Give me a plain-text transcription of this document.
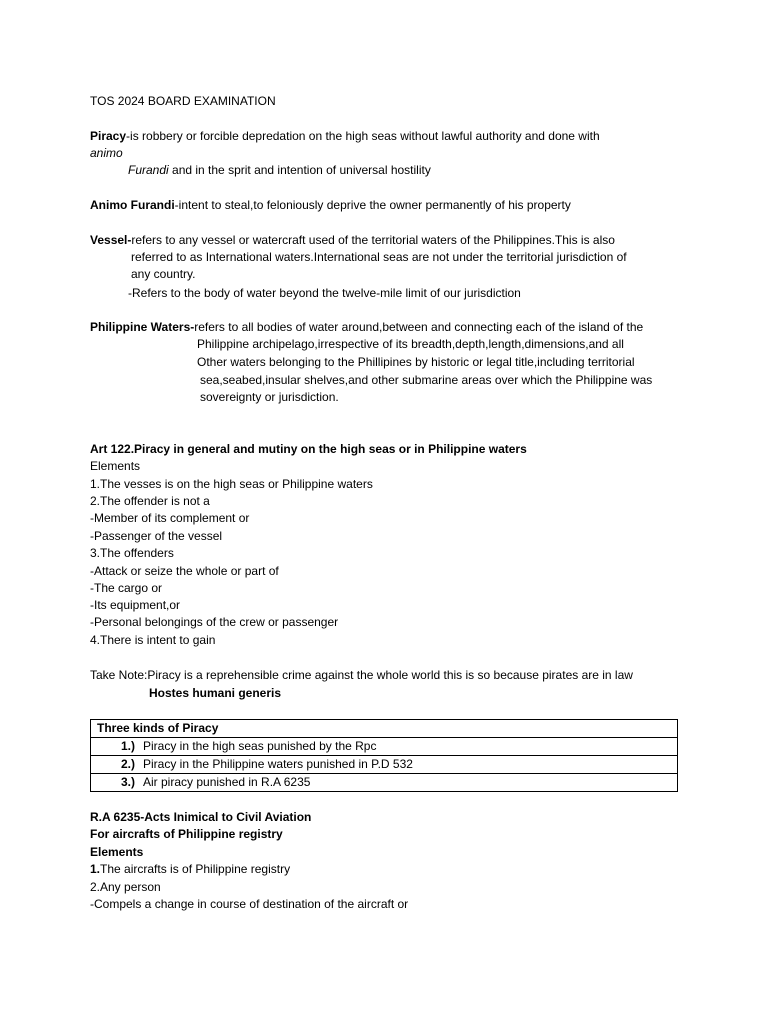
TOS 2024 BOARD EXAMINATION
Piracy-is robbery or forcible depredation on the high seas without lawful authority and done with
animo
Furandi and in the sprit and intention of universal hostility
Animo Furandi-intent to steal,to feloniously deprive the owner permanently of his property
Vessel-refers to any vessel or watercraft used of the territorial waters of the Philippines.This is also
referred to as International waters.International seas are not under the territorial jurisdiction of
any country.
-Refers to the body of water beyond the twelve-mile limit of our jurisdiction
Philippine Waters-refers to all bodies of water around,between and connecting each of the island of the
Philippine archipelago,irrespective of its breadth,depth,length,dimensions,and all
Other waters belonging to the Phillipines by historic or legal title,including territorial
sea,seabed,insular shelves,and other submarine areas over which the Philippine was
sovereignty or jurisdiction.
Art 122.Piracy in general and mutiny on the high seas or in Philippine waters
Elements
1.The vesses is on the high seas or Philippine waters
2.The offender is not a
-Member of its complement or
-Passenger of the vessel
3.The offenders
-Attack or seize the whole or part of
-The cargo or
-Its equipment,or
-Personal belongings of the crew or passenger
4.There is intent to gain
Take Note:Piracy is a reprehensible crime against the whole world this is so because pirates are in law
Hostes humani generis
Three kinds of Piracy
1.) Piracy in the high seas punished by the Rpc
2.) Piracy in the Philippine waters punished in P.D 532
3.) Air piracy punished in R.A 6235
R.A 6235-Acts Inimical to Civil Aviation
For aircrafts of Philippine registry
Elements
1.The aircrafts is of Philippine registry
2.Any person
-Compels a change in course of destination of the aircraft or
